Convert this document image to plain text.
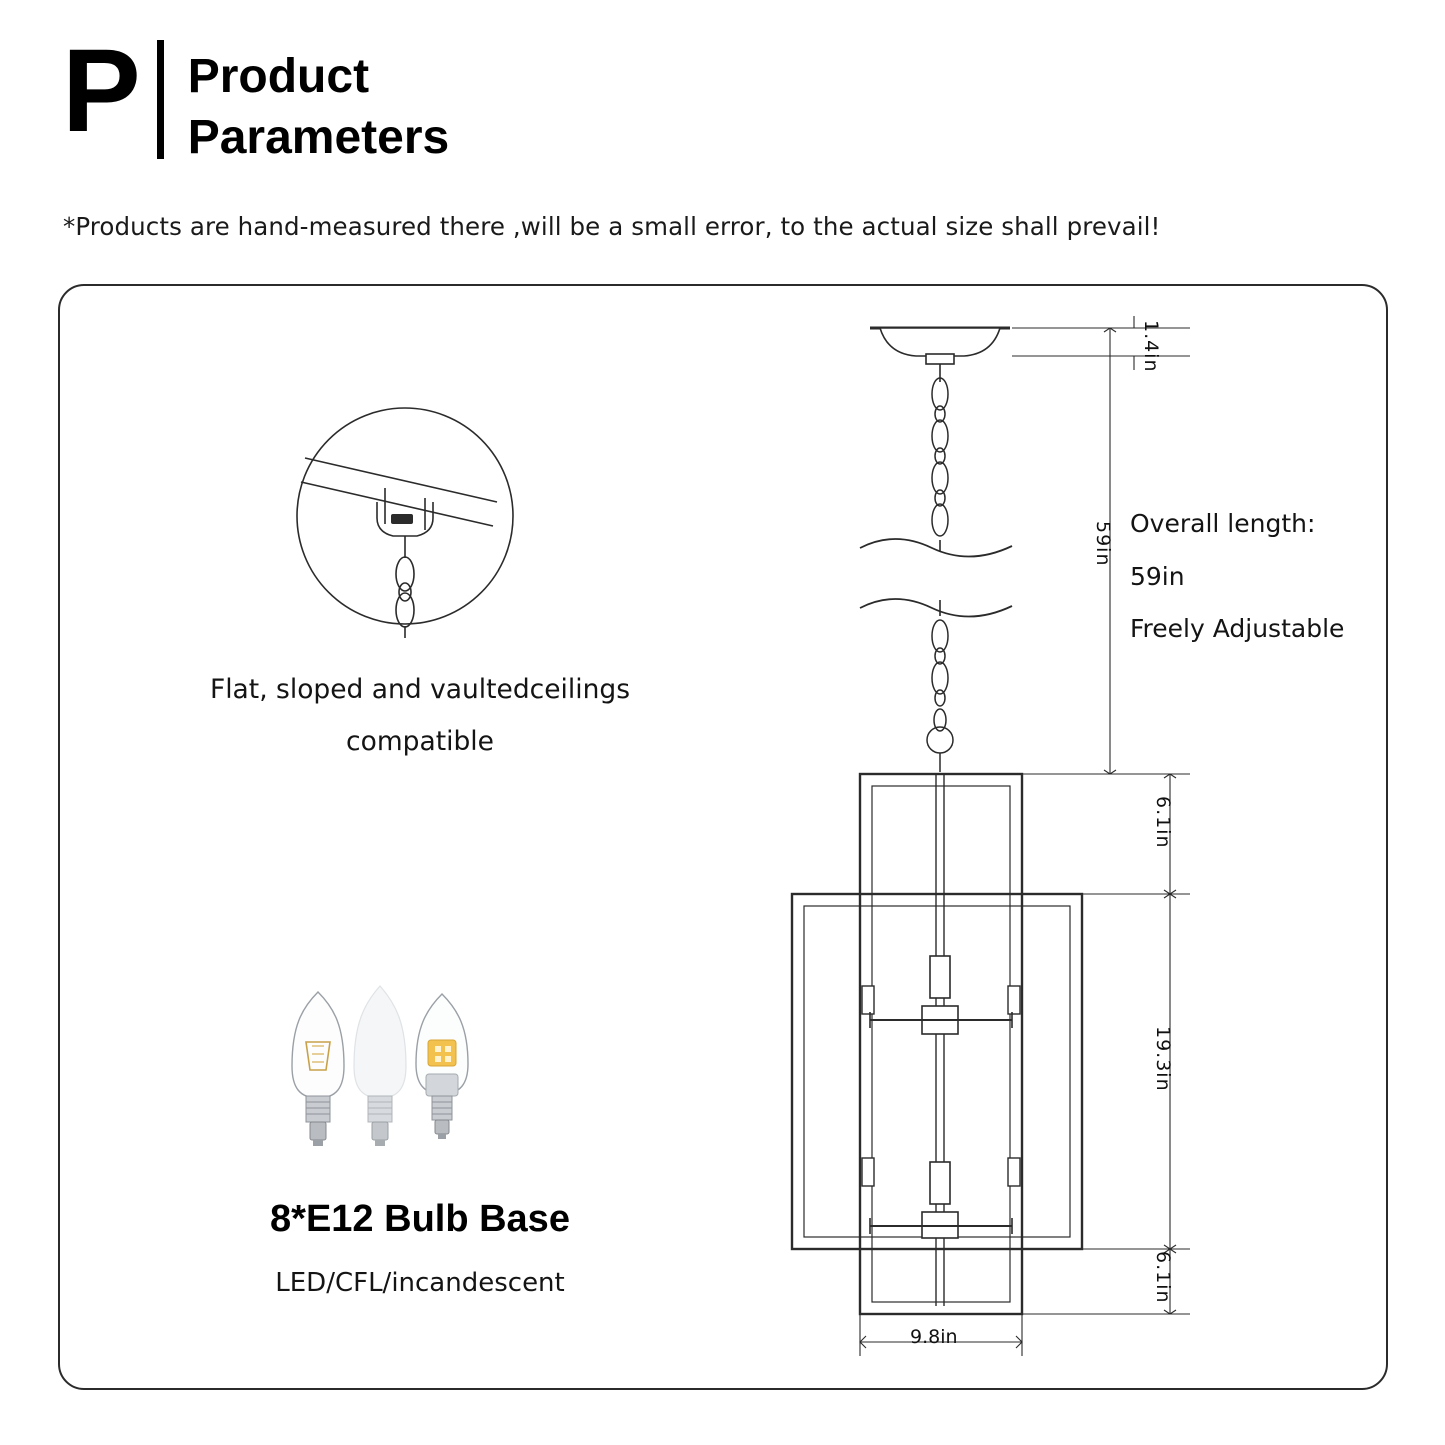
P	Product
Parameters
*Products are hand-measured there ,will be a small error, to the actual size shall prevail!
Flat, sloped and vaultedceilings
compatible
8*E12 Bulb Base
LED/CFL/incandescent
Overall length:
59in
Freely Adjustable
1.4in
59in
6.1in
19.3in
6.1in
9.8in
